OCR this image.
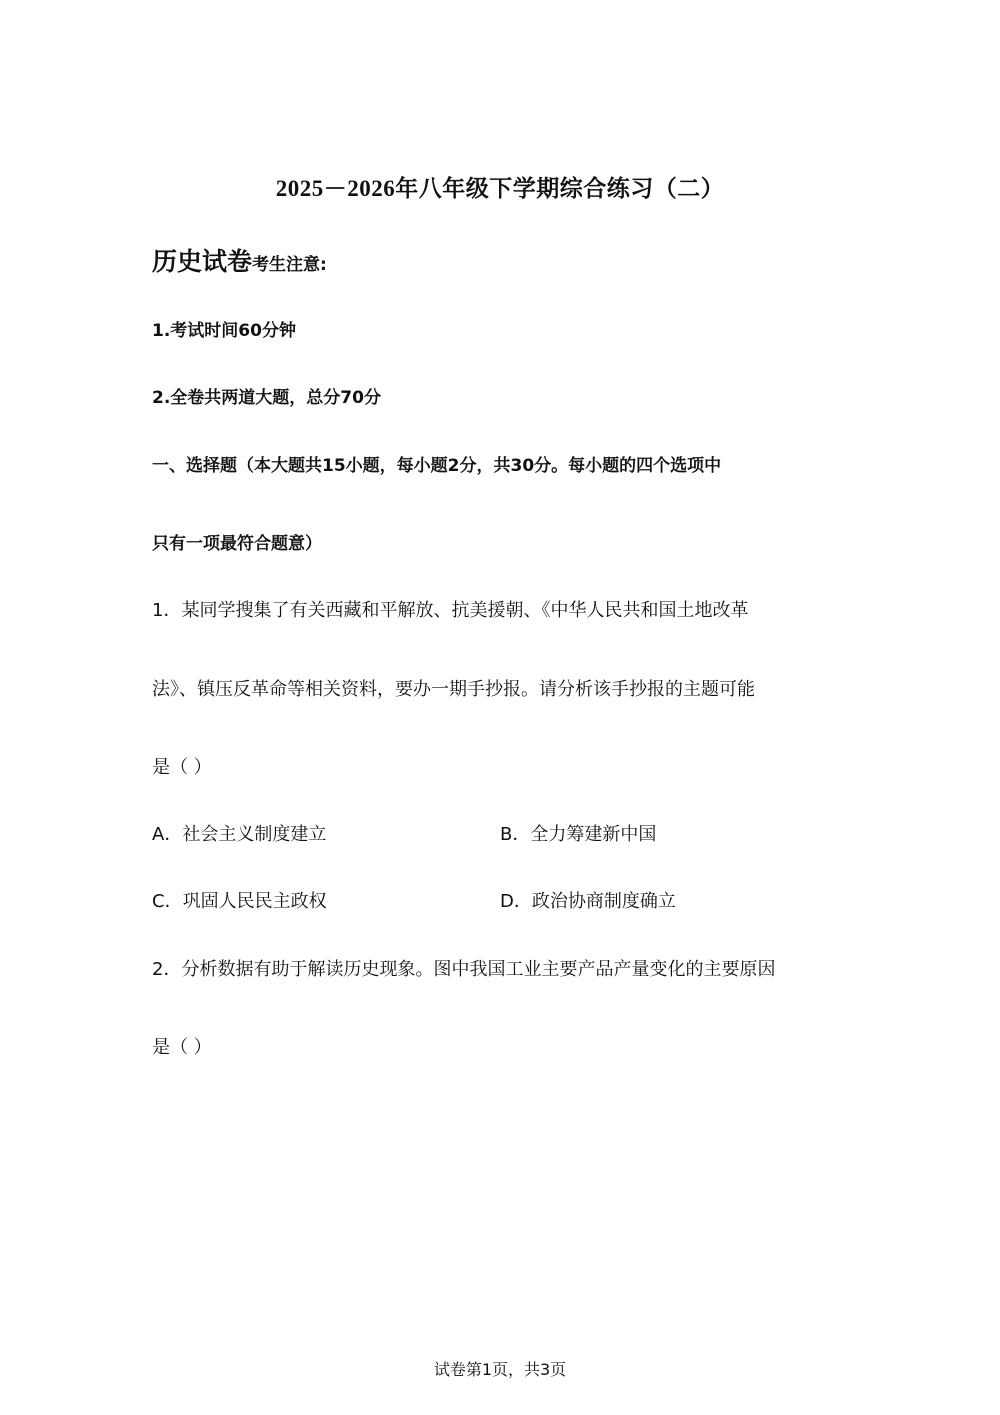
2025－2026年八年级下学期综合练习（二）
历史试卷考生注意:
1.考试时间60分钟
2.全卷共两道大题，总分70分
一、选择题（本大题共15小题，每小题2分，共30分。每小题的四个选项中
只有一项最符合题意）
1．某同学搜集了有关西藏和平解放、抗美援朝、《中华人民共和国土地改革
法》、镇压反革命等相关资料，要办一期手抄报。请分析该手抄报的主题可能
是（ ）
A．社会主义制度建立	B．全力筹建新中国
C．巩固人民民主政权	D．政治协商制度确立
2．分析数据有助于解读历史现象。图中我国工业主要产品产量变化的主要原因
是（ ）
试卷第1页，共3页
